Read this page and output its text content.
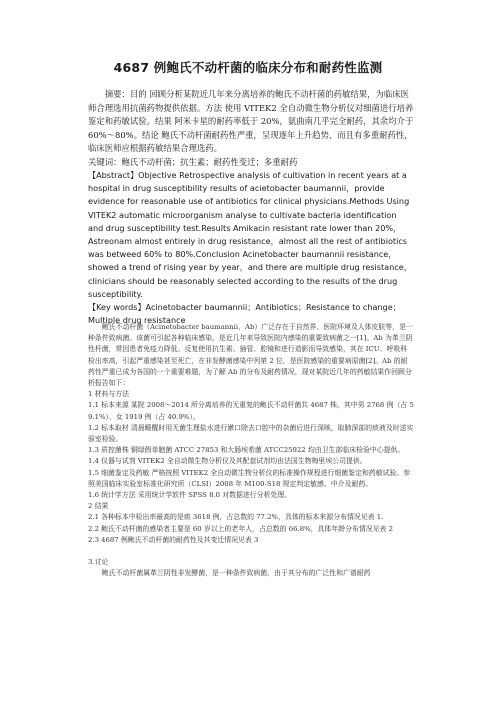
4687 例鲍氏不动杆菌的临床分布和耐药性监测

摘要：目的 回顾分析某院近几年来分离培养的鲍氏不动杆菌的药敏结果，为临床医师合理选用抗菌药物提供依据。方法 使用 VITEK2 全自动微生物分析仪对细菌进行培养鉴定和药敏试验。结果 阿米卡星的耐药率低于 20%，氨曲南几乎完全耐药，其余均介于 60%～80%。结论 鲍氏不动杆菌耐药性严重，呈现逐年上升趋势，而且有多重耐药性，临床医师应根据药敏结果合理选药。

关键词：鲍氏不动杆菌；抗生素；耐药性变迁；多重耐药

【Abstract】Objective Retrospective analysis of cultivation in recent years at a hospital in drug susceptibility results of acietobacter baumannii，provide evidence for reasonable use of antibiotics for clinical physicians.Methods Using VITEK2 automatic microorganism analyse to cultivate bacteria identification and drug susceptibility test.Results Amikacin resistant rate lower than 20%，Astreonam almost entirely in drug resistance，almost all the rest of antibiotics was betweed 60% to 80%.Conclusion Acinetobacter baumannii resistance，showed a trend of rising year by year，and there are multiple drug resistance，clinicians should be reasonably selected according to the results of the drug susceptibility.

【Key words】Acinetobacter baumannii；Antibiotics；Resistance to change；Multiple drug resistance

鲍氏不动杆菌（Acinetobacter baumannii，Ab）广泛存在于自然界、医院环境及人体皮肤等，是一种条件致病菌。该菌可引起各种临床感染，是近几年来导致医院内感染的重要致病菌之一[1]。Ab 为革兰阴性杆菌，常因患者免疫力降低、反复使用抗生素、插管、腔镜和进行造影而导致感染，其在 ICU、呼吸科检出率高，引起严重感染甚至死亡，在非发酵菌感染中列第 2 位，是医院感染的重要病原菌[2]。Ab 的耐药性严重已成为各国的一个重要难题，为了解 Ab 的分布及耐药情况，现对某院近几年的药敏结果作回顾分析报告如下：

1 材料与方法

1.1 标本来源 某院 2008～2014 所分离培养的无重复的鲍氏不动杆菌共 4687 株，其中男 2768 例（占 59.1%），女 1919 例（占 40.9%）。

1.2 标本取材 清晨睡醒时用无菌生理盐水进行漱口除去口腔中的杂菌后进行深咳，取肺深部的痰液及时送实验室检验。

1.3 质控菌株 铜绿假单胞菌 ATCC 27853 和大肠埃希菌 ATCC25922 均由卫生部临床检验中心提供。

1.4 仪器与试剂 VITEK2 全自动微生物分析仪及其配套试剂均由法国生物梅里埃公司提供。

1.5 细菌鉴定及药敏 严格按照 VITEK2 全自动微生物分析仪的标准操作规程进行细菌鉴定和药敏试验。参照美国临床实验室标准化研究所（CLSI）2008 年 M100-S18 规定判定敏感、中介及耐药。

1.6 统计学方法 采用统计学软件 SPSS 8.0 对数据进行分析处理。

2 结果

2.1 各种标本中检出率最高的是痰 3618 例，占总数的 77.2%，具体的标本来源分布情况见表 1.

2.2 鲍氏不动杆菌的感染者主要是 60 岁以上的老年人，占总数的 66.8%，具体年龄分布情况见表 2

2.3 4687 例鲍氏不动杆菌的耐药性及其变迁情况见表 3

3.讨论

鲍氏不动杆菌属革兰阴性非发酵菌，是一种条件致病菌，由于其分布的广泛性和广谱耐药
